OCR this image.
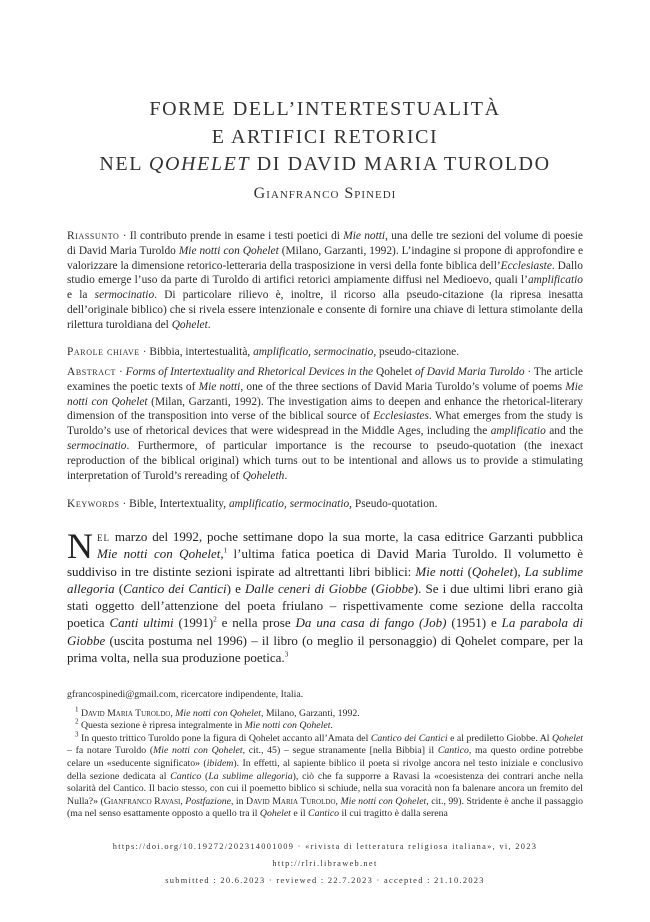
FORME DELL’INTERTESTUALITÀ
E ARTIFICI RETORICI
NEL QOHELET DI DAVID MARIA TUROLDO
Gianfranco Spinedi
Riassunto · Il contributo prende in esame i testi poetici di Mie notti, una delle tre sezioni del volume di poesie di David Maria Turoldo Mie notti con Qohelet (Milano, Garzanti, 1992). L’indagine si propone di approfondire e valorizzare la dimensione retorico-letteraria della trasposizione in versi della fonte biblica dell’Ecclesiaste. Dallo studio emerge l’uso da parte di Turoldo di artifici retorici ampiamente diffusi nel Medioevo, quali l’amplificatio e la sermocinatio. Di particolare rilievo è, inoltre, il ricorso alla pseudo-citazione (la ripresa inesatta dell’originale biblico) che si rivela essere intenzionale e consente di fornire una chiave di lettura stimolante della rilettura turoldiana del Qohelet.
Parole chiave · Bibbia, intertestualità, amplificatio, sermocinatio, pseudo-citazione.
Abstract · Forms of Intertextuality and Rhetorical Devices in the Qohelet of David Maria Turoldo · The article examines the poetic texts of Mie notti, one of the three sections of David Maria Turoldo’s volume of poems Mie notti con Qohelet (Milan, Garzanti, 1992). The investigation aims to deepen and enhance the rhetorical-literary dimension of the transposition into verse of the biblical source of Ecclesiastes. What emerges from the study is Turoldo’s use of rhetorical devices that were widespread in the Middle Ages, including the amplificatio and the sermocinatio. Furthermore, of particular importance is the recourse to pseudo-quotation (the inexact reproduction of the biblical original) which turns out to be intentional and allows us to provide a stimulating interpretation of Turold’s rereading of Qoheleth.
Keywords · Bible, Intertextuality, amplificatio, sermocinatio, Pseudo-quotation.
Nel marzo del 1992, poche settimane dopo la sua morte, la casa editrice Garzanti pubblica Mie notti con Qohelet,$^1$ l’ultima fatica poetica di David Maria Turoldo. Il volumetto è suddiviso in tre distinte sezioni ispirate ad altrettanti libri biblici: Mie notti (Qohelet), La sublime allegoria (Cantico dei Cantici) e Dalle ceneri di Giobbe (Giobbe). Se i due ultimi libri erano già stati oggetto dell’attenzione del poeta friulano – rispettivamente come sezione della raccolta poetica Canti ultimi $(1991)^2$ e nella prose Da una casa di fango (Job) (1951) e La parabola di Giobbe (uscita postuma nel 1996) – il libro (o meglio il personaggio) di Qohelet compare, per la prima volta, nella sua produzione poetica.$^3$
gfrancospinedi@gmail.com, ricercatore indipendente, Italia.
$^1$ David Maria Turoldo, Mie notti con Qohelet, Milano, Garzanti, 1992.
$^2$ Questa sezione è ripresa integralmente in Mie notti con Qohelet.
$^3$ In questo trittico Turoldo pone la figura di Qohelet accanto all’Amata del Cantico dei Cantici e al prediletto Giobbe. Al Qohelet – fa notare Turoldo (Mie notti con Qohelet, cit., 45) – segue stranamente [nella Bibbia] il Cantico, ma questo ordine potrebbe celare un «seducente significato» (ibidem). In effetti, al sapiente biblico il poeta si rivolge ancora nel testo iniziale e conclusivo della sezione dedicata al Cantico (La sublime allegoria), ciò che fa supporre a Ravasi la «coesistenza dei contrari anche nella solarità del Cantico. Il bacio stesso, con cui il poemetto biblico si schiude, nella sua voracità non fa balenare ancora un fremito del Nulla?» (Gianfranco Ravasi, Postfazione, in David Maria Turoldo, Mie notti con Qohelet, cit., 99). Stridente è anche il passaggio (ma nel senso esattamente opposto a quello tra il Qohelet e il Cantico il cui tragitto è dalla serena
https://doi.org/10.19272/202314001009 · «rivista di letteratura religiosa italiana», vi, 2023
http://rlri.libraweb.net
submitted : 20.6.2023 · reviewed : 22.7.2023 · accepted : 21.10.2023
